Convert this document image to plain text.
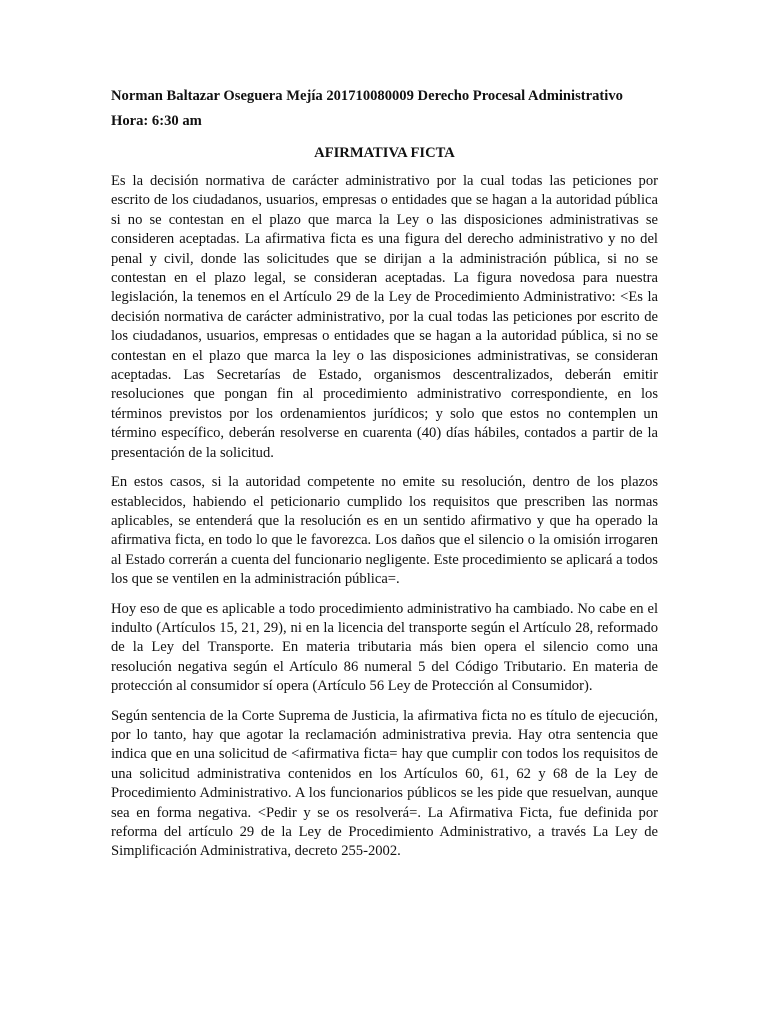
Norman Baltazar Oseguera Mejía 201710080009 Derecho Procesal Administrativo
Hora: 6:30 am
AFIRMATIVA FICTA

Es la decisión normativa de carácter administrativo por la cual todas las peticiones por escrito de los ciudadanos, usuarios, empresas o entidades que se hagan a la autoridad pública si no se contestan en el plazo que marca la Ley o las disposiciones administrativas se consideren aceptadas. La afirmativa ficta es una figura del derecho administrativo y no del penal y civil, donde las solicitudes que se dirijan a la administración pública, si no se contestan en el plazo legal, se consideran aceptadas. La figura novedosa para nuestra legislación, la tenemos en el Artículo 29 de la Ley de Procedimiento Administrativo: <Es la decisión normativa de carácter administrativo, por la cual todas las peticiones por escrito de los ciudadanos, usuarios, empresas o entidades que se hagan a la autoridad pública, si no se contestan en el plazo que marca la ley o las disposiciones administrativas, se consideran aceptadas. Las Secretarías de Estado, organismos descentralizados, deberán emitir resoluciones que pongan fin al procedimiento administrativo correspondiente, en los términos previstos por los ordenamientos jurídicos; y solo que estos no contemplen un término específico, deberán resolverse en cuarenta (40) días hábiles, contados a partir de la presentación de la solicitud.

En estos casos, si la autoridad competente no emite su resolución, dentro de los plazos establecidos, habiendo el peticionario cumplido los requisitos que prescriben las normas aplicables, se entenderá que la resolución es en un sentido afirmativo y que ha operado la afirmativa ficta, en todo lo que le favorezca. Los daños que el silencio o la omisión irrogaren al Estado correrán a cuenta del funcionario negligente. Este procedimiento se aplicará a todos los que se ventilen en la administración pública=.

Hoy eso de que es aplicable a todo procedimiento administrativo ha cambiado. No cabe en el indulto (Artículos 15, 21, 29), ni en la licencia del transporte según el Artículo 28, reformado de la Ley del Transporte. En materia tributaria más bien opera el silencio como una resolución negativa según el Artículo 86 numeral 5 del Código Tributario. En materia de protección al consumidor sí opera (Artículo 56 Ley de Protección al Consumidor).

Según sentencia de la Corte Suprema de Justicia, la afirmativa ficta no es título de ejecución, por lo tanto, hay que agotar la reclamación administrativa previa. Hay otra sentencia que indica que en una solicitud de <afirmativa ficta= hay que cumplir con todos los requisitos de una solicitud administrativa contenidos en los Artículos 60, 61, 62 y 68 de la Ley de Procedimiento Administrativo. A los funcionarios públicos se les pide que resuelvan, aunque sea en forma negativa. <Pedir y se os resolverá=. La Afirmativa Ficta, fue definida por reforma del artículo 29 de la Ley de Procedimiento Administrativo, a través La Ley de Simplificación Administrativa, decreto 255-2002.
